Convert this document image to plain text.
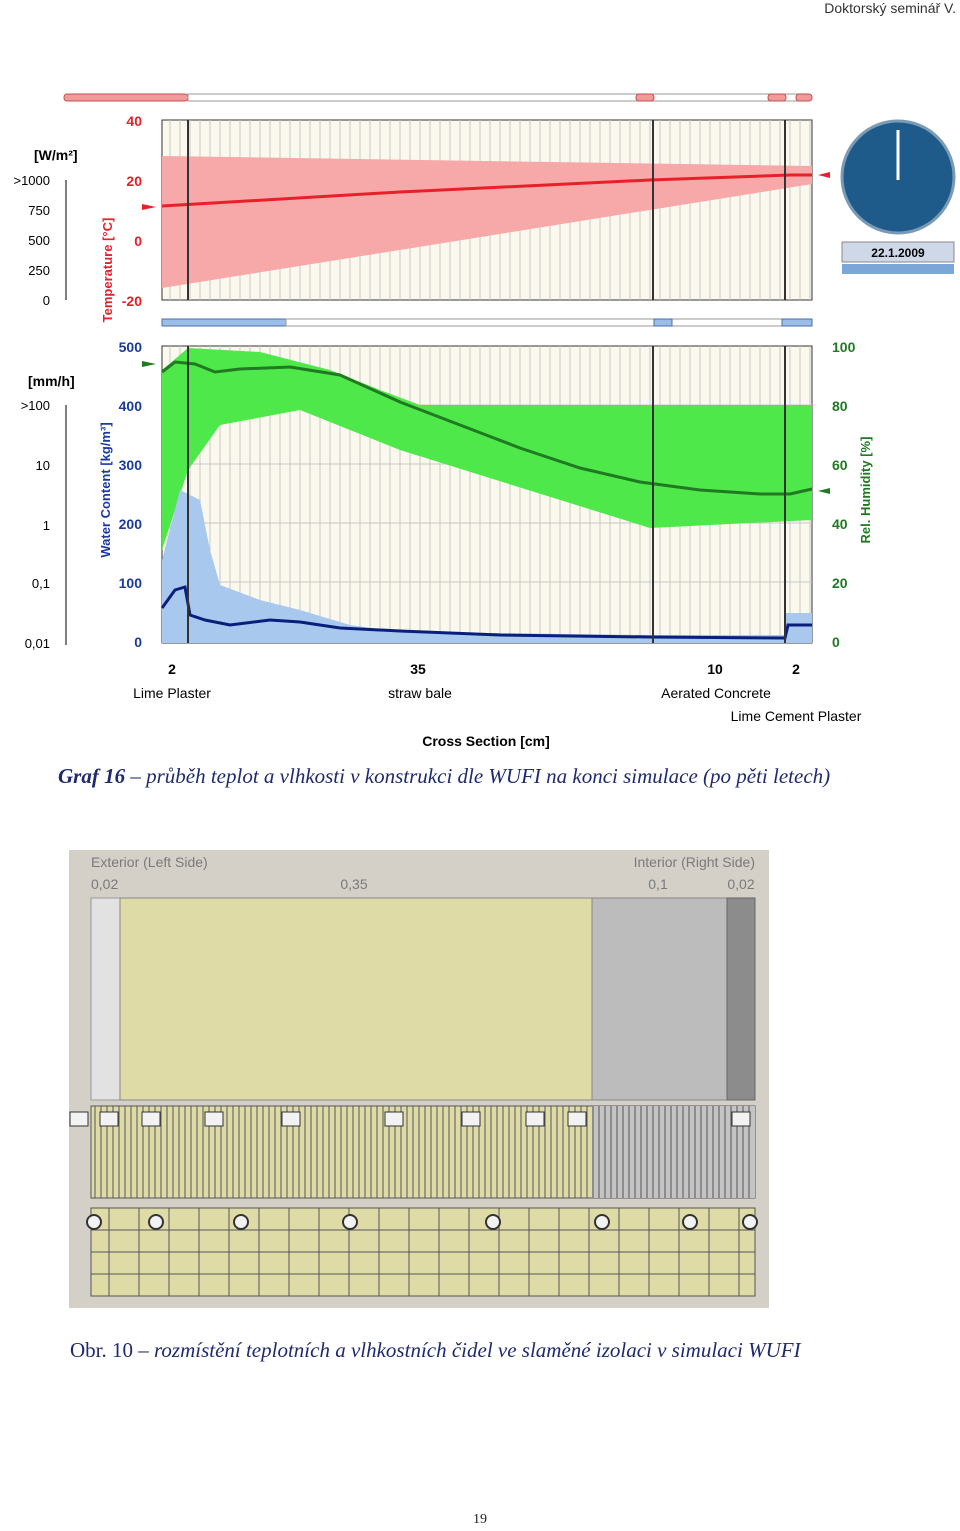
Doktorský seminář V.
[W/m²]
>1000
750
500
250
0	Temperature [°C]
40
20
0
-20
22.1.2009
[mm/h]
>100
10
1
0,1
0,01
Water Content [kg/m³]
500
400
300
200
100
0
Rel. Humidity [%]
100
80
60
40
20
0
2	35	10	2
Lime Plaster	straw bale	Aerated Concrete
Lime Cement Plaster
Cross Section [cm]
Graf 16 – průběh teplot a vlhkosti v konstrukci dle WUFI na konci simulace (po pěti letech)
Exterior (Left Side)	Interior (Right Side)
0,02	0,35	0,1	0,02
Obr. 10 – rozmístění teplotních a vlhkostních čidel ve slaměné izolaci v simulaci WUFI
19
